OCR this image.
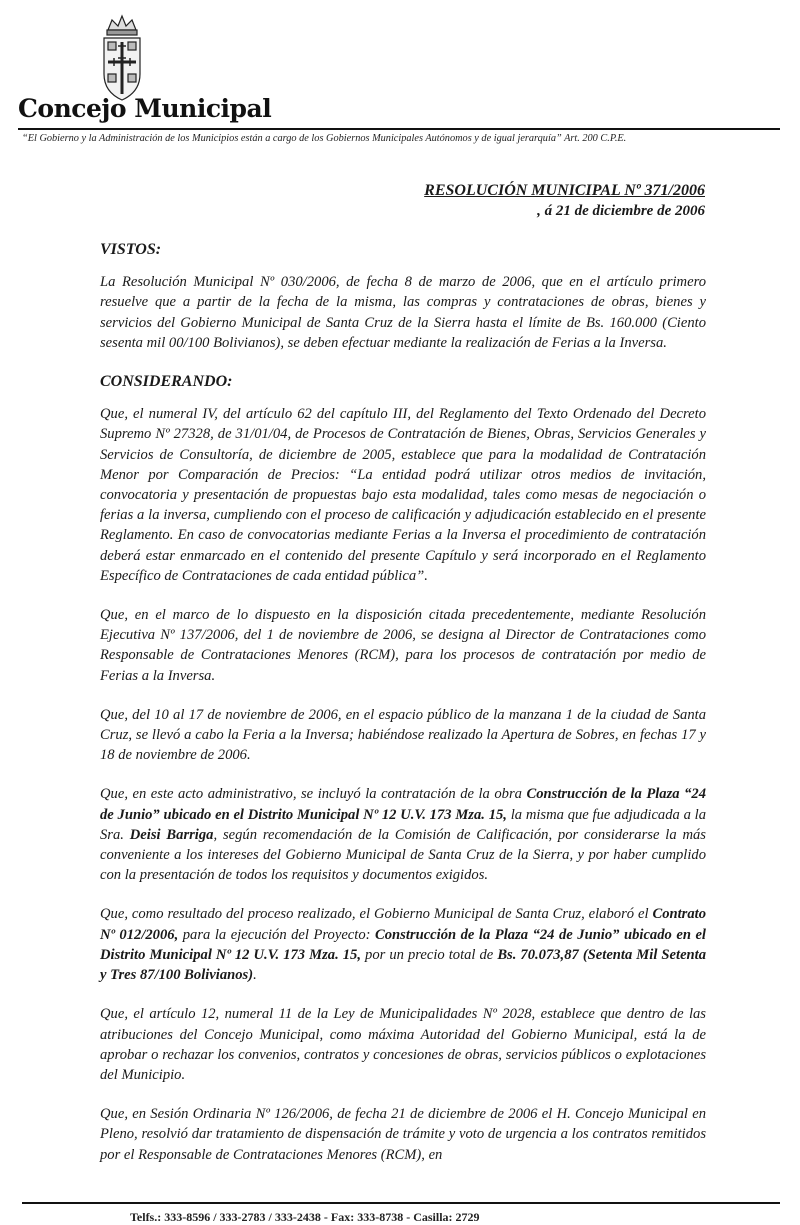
Concejo Municipal
“El Gobierno y la Administración de los Municipios están a cargo de los Gobiernos Municipales Autónomos y de igual jerarquía” Art. 200 C.P.E.
RESOLUCIÓN MUNICIPAL Nº 371/2006
, á 21 de diciembre de 2006
VISTOS:

La Resolución Municipal Nº 030/2006, de fecha 8 de marzo de 2006, que en el artículo primero resuelve que a partir de la fecha de la misma, las compras y contrataciones de obras, bienes y servicios del Gobierno Municipal de Santa Cruz de la Sierra hasta el límite de Bs. 160.000 (Ciento sesenta mil 00/100 Bolivianos), se deben efectuar mediante la realización de Ferias a la Inversa.

CONSIDERANDO:

Que, el numeral IV, del artículo 62 del capítulo III, del Reglamento del Texto Ordenado del Decreto Supremo Nº 27328, de 31/01/04, de Procesos de Contratación de Bienes, Obras, Servicios Generales y Servicios de Consultoría, de diciembre de 2005, establece que para la modalidad de Contratación Menor por Comparación de Precios: “La entidad podrá utilizar otros medios de invitación, convocatoria y presentación de propuestas bajo esta modalidad, tales como mesas de negociación o ferias a la inversa, cumpliendo con el proceso de calificación y adjudicación establecido en el presente Reglamento. En caso de convocatorias mediante Ferias a la Inversa el procedimiento de contratación deberá estar enmarcado en el contenido del presente Capítulo y será incorporado en el Reglamento Específico de Contrataciones de cada entidad pública”.

Que, en el marco de lo dispuesto en la disposición citada precedentemente, mediante Resolución Ejecutiva Nº 137/2006, del 1 de noviembre de 2006, se designa al Director de Contrataciones como Responsable de Contrataciones Menores (RCM), para los procesos de contratación por medio de Ferias a la Inversa.

Que, del 10 al 17 de noviembre de 2006, en el espacio público de la manzana 1 de la ciudad de Santa Cruz, se llevó a cabo la Feria a la Inversa; habiéndose realizado la Apertura de Sobres, en fechas 17 y 18 de noviembre de 2006.

Que, en este acto administrativo, se incluyó la contratación de la obra Construcción de la Plaza “24 de Junio” ubicado en el Distrito Municipal Nº 12 U.V. 173 Mza. 15, la misma que fue adjudicada a la Sra. Deisi Barriga, según recomendación de la Comisión de Calificación, por considerarse la más conveniente a los intereses del Gobierno Municipal de Santa Cruz de la Sierra, y por haber cumplido con la presentación de todos los requisitos y documentos exigidos.

Que, como resultado del proceso realizado, el Gobierno Municipal de Santa Cruz, elaboró el Contrato Nº 012/2006, para la ejecución del Proyecto: Construcción de la Plaza “24 de Junio” ubicado en el Distrito Municipal Nº 12 U.V. 173 Mza. 15, por un precio total de Bs. 70.073,87 (Setenta Mil Setenta y Tres 87/100 Bolivianos).

Que, el artículo 12, numeral 11 de la Ley de Municipalidades Nº 2028, establece que dentro de las atribuciones del Concejo Municipal, como máxima Autoridad del Gobierno Municipal, está la de aprobar o rechazar los convenios, contratos y concesiones de obras, servicios públicos o explotaciones del Municipio.

Que, en Sesión Ordinaria Nº 126/2006, de fecha 21 de diciembre de 2006 el H. Concejo Municipal en Pleno, resolvió dar tratamiento de dispensación de trámite y voto de urgencia a los contratos remitidos por el Responsable de Contrataciones Menores (RCM), en

Telfs.: 333-8596 / 333-2783 / 333-2438 - Fax: 333-8738 - Casilla: 2729
